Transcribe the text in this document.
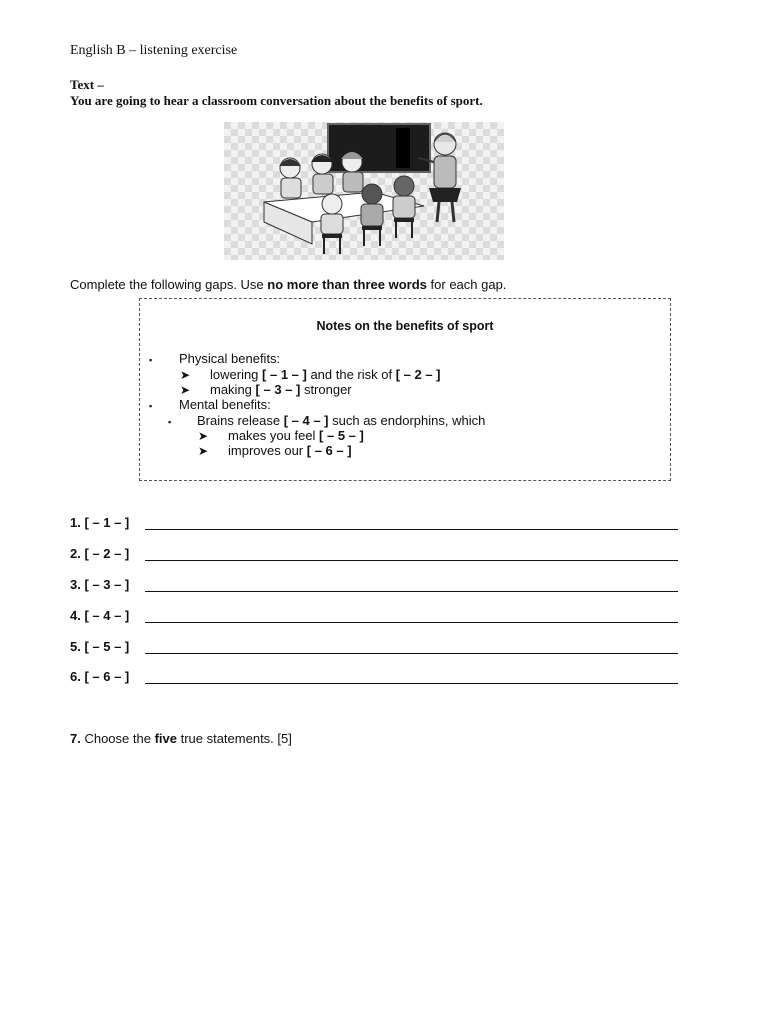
English B – listening exercise
Text –
You are going to hear a classroom conversation about the benefits of sport.
Complete the following gaps. Use no more than three words for each gap.
Notes on the benefits of sport
▪ Physical benefits:
➤ lowering [ – 1 – ] and the risk of [ – 2 – ]
➤ making [ – 3 – ] stronger
▪ Mental benefits:
▪ Brains release [ – 4 – ] such as endorphins, which
➤ makes you feel [ – 5 – ]
➤ improves our [ – 6 – ]
1. [ – 1 – ]
2. [ – 2 – ]
3. [ – 3 – ]
4. [ – 4 – ]
5. [ – 5 – ]
6. [ – 6 – ]
7. Choose the five true statements. [5]
